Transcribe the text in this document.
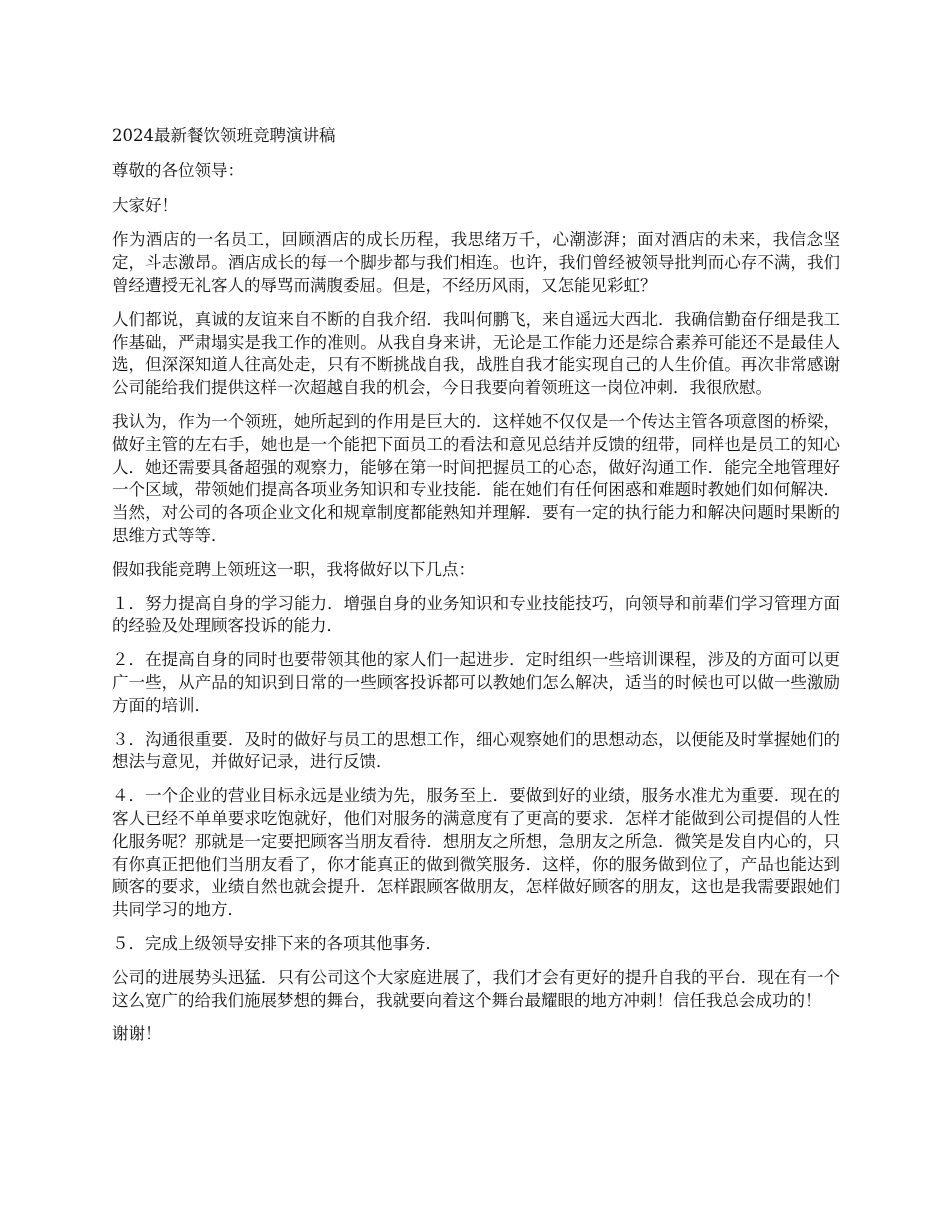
2024最新餐饮领班竞聘演讲稿

尊敬的各位领导：

大家好！

作为酒店的一名员工，回顾酒店的成长历程，我思绪万千，心潮澎湃；面对酒店的未来，我信念坚定，斗志激昂。酒店成长的每一个脚步都与我们相连。也许，我们曾经被领导批判而心存不满，我们曾经遭授无礼客人的辱骂而满腹委屈。但是，不经历风雨，又怎能见彩虹？

人们都说，真诚的友谊来自不断的自我介绍．我叫何鹏飞，来自遥远大西北．我确信勤奋仔细是我工作基础，严肃塌实是我工作的准则。从我自身来讲，无论是工作能力还是综合素养可能还不是最佳人选，但深深知道人往高处走，只有不断挑战自我，战胜自我才能实现自己的人生价值。再次非常感谢公司能给我们提供这样一次超越自我的机会，今日我要向着领班这一岗位冲刺．我很欣慰。

我认为，作为一个领班，她所起到的作用是巨大的．这样她不仅仅是一个传达主管各项意图的桥梁，做好主管的左右手，她也是一个能把下面员工的看法和意见总结并反馈的纽带，同样也是员工的知心人．她还需要具备超强的观察力，能够在第一时间把握员工的心态，做好沟通工作．能完全地管理好一个区域，带领她们提高各项业务知识和专业技能．能在她们有任何困惑和难题时教她们如何解决．当然，对公司的各项企业文化和规章制度都能熟知并理解．要有一定的执行能力和解决问题时果断的思维方式等等．

假如我能竞聘上领班这一职，我将做好以下几点：

１．努力提高自身的学习能力．增强自身的业务知识和专业技能技巧，向领导和前辈们学习管理方面的经验及处理顾客投诉的能力．

２．在提高自身的同时也要带领其他的家人们一起进步．定时组织一些培训课程，涉及的方面可以更广一些，从产品的知识到日常的一些顾客投诉都可以教她们怎么解决，适当的时候也可以做一些激励方面的培训．

３．沟通很重要．及时的做好与员工的思想工作，细心观察她们的思想动态，以便能及时掌握她们的想法与意见，并做好记录，进行反馈．

４．一个企业的营业目标永远是业绩为先，服务至上．要做到好的业绩，服务水准尤为重要．现在的客人已经不单单要求吃饱就好，他们对服务的满意度有了更高的要求．怎样才能做到公司提倡的人性化服务呢？那就是一定要把顾客当朋友看待．想朋友之所想，急朋友之所急．微笑是发自内心的，只有你真正把他们当朋友看了，你才能真正的做到微笑服务．这样，你的服务做到位了，产品也能达到顾客的要求，业绩自然也就会提升．怎样跟顾客做朋友，怎样做好顾客的朋友，这也是我需要跟她们共同学习的地方．

５．完成上级领导安排下来的各项其他事务．

公司的进展势头迅猛．只有公司这个大家庭进展了，我们才会有更好的提升自我的平台．现在有一个这么宽广的给我们施展梦想的舞台，我就要向着这个舞台最耀眼的地方冲刺！信任我总会成功的！

谢谢！
